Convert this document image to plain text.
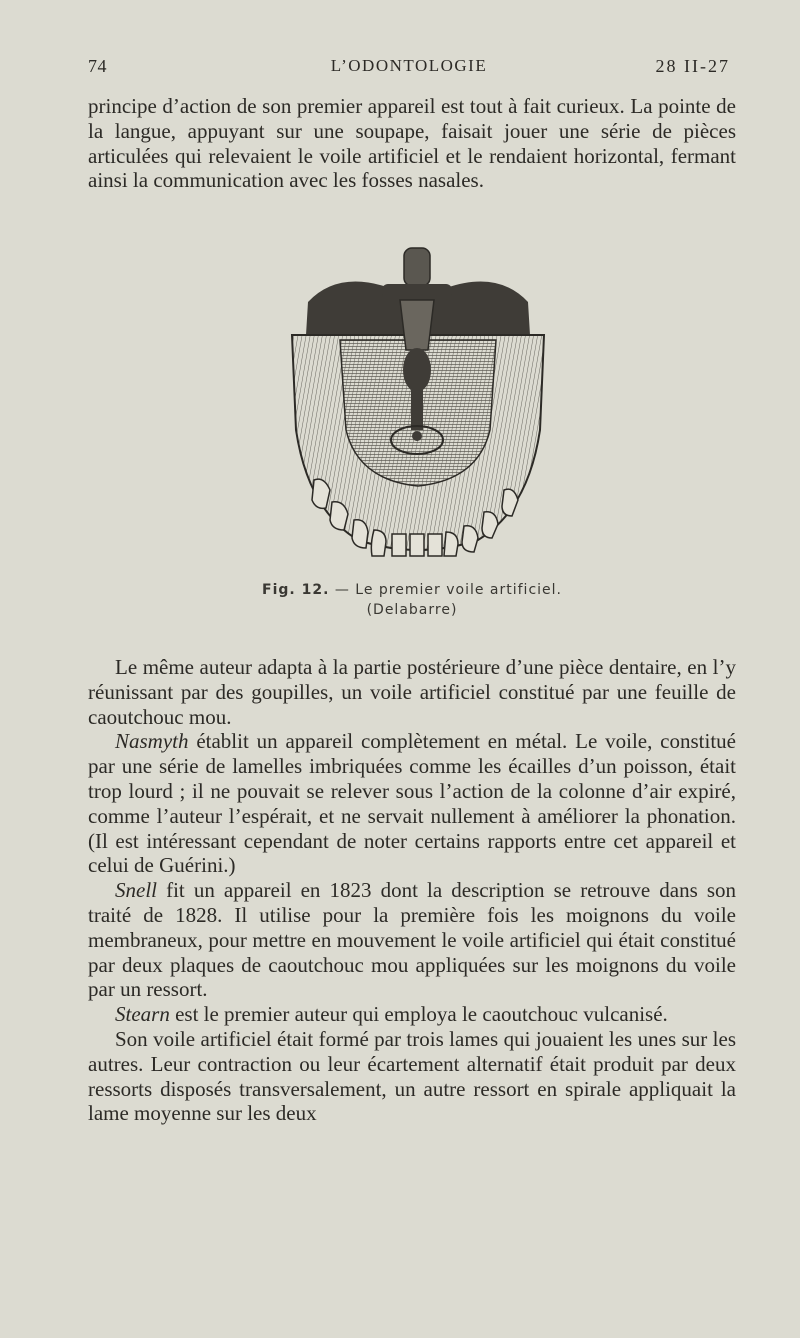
74	L’ODONTOLOGIE	28 II-27

principe d’action de son premier appareil est tout à fait curieux. La pointe de la langue, appuyant sur une soupape, faisait jouer une série de pièces articulées qui relevaient le voile artificiel et le rendaient horizontal, fermant ainsi la communication avec les fosses nasales.

Fig. 12. — Le premier voile artificiel.
(Delabarre)

Le même auteur adapta à la partie postérieure d’une pièce dentaire, en l’y réunissant par des goupilles, un voile artificiel constitué par une feuille de caoutchouc mou.

Nasmyth établit un appareil complètement en métal. Le voile, constitué par une série de lamelles imbriquées comme les écailles d’un poisson, était trop lourd ; il ne pouvait se relever sous l’action de la colonne d’air expiré, comme l’auteur l’espérait, et ne servait nullement à améliorer la phonation. (Il est intéressant cependant de noter certains rapports entre cet appareil et celui de Guérini.)

Snell fit un appareil en 1823 dont la description se retrouve dans son traité de 1828. Il utilise pour la première fois les moignons du voile membraneux, pour mettre en mouvement le voile artificiel qui était constitué par deux plaques de caoutchouc mou appliquées sur les moignons du voile par un ressort.

Stearn est le premier auteur qui employa le caoutchouc vulcanisé.

Son voile artificiel était formé par trois lames qui jouaient les unes sur les autres. Leur contraction ou leur écartement alternatif était produit par deux ressorts disposés transversalement, un autre ressort en spirale appliquait la lame moyenne sur les deux
